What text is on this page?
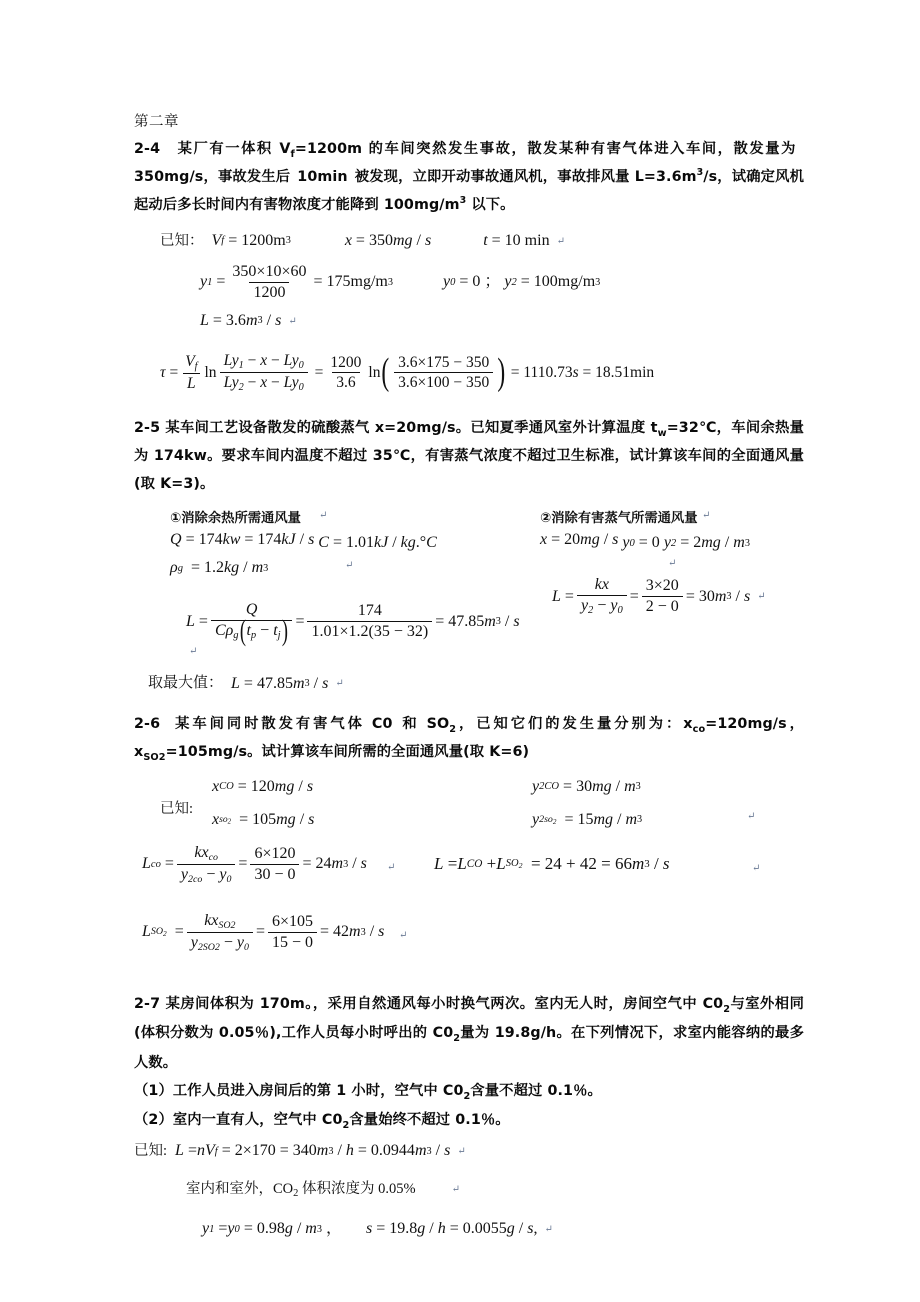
第二章
2-4 某厂有一体积 $V_f=1200m$ 的车间突然发生事故，散发某种有害气体进入车间，散发量为350mg/s，事故发生后 10min 被发现，立即开动事故通风机，事故排风量 $L=3.6m^3/s$，试确定风机起动后多长时间内有害物浓度才能降到 $100mg/m^3$ 以下。
已知： V f = 1200m 3
	x = 350 mg / s
	t = 10 min ↵
y $1 = \frac{350\times 10\times 60}{1200} = 175mg/m$ 3
	y 0 = 0 ； y 2 = 100mg/m 3
L = 3.6 m 3 / s ↵
$\tau = \frac{Vf}{L}$ $\ln \frac{Ly1 - x - Ly0}{Ly2 - x - Ly0} = \frac{1200}{3.6}$ ln ( $\frac{3.6\times 175 - 350}{3.6\times 100 - 350}$ ) = 1110.73 s = 18.51min
2-5 某车间工艺设备散发的硫酸蒸气 x=20mg/s。已知夏季通风室外计算温度 $t_w=32℃$，车间余热量为 174kw。要求车间内温度不超过 35℃，有害蒸气浓度不超过卫生标准，试计算该车间的全面通风量(取 K=3)。
①消除余热所需通风量 ↵	②消除有害蒸气所需通风量 ↵
Q = 174 kw = 174 kJ / s
C = 1.01 kJ / kg .° C

↵
ρ g = 1.2 kg / m 3
$L = \frac{Q}{\text{Cρg(tp − tj)}} = \frac{174}{1.01\times 1.2(35 - 32)} = 47.85$ m 3 / s
↵
x = 20 mg / s
y 0 = 0
↵
y 2 = 2 mg / m 3
$L = \frac{kx}{y2 - y0} = \frac{3\times 20}{2 - 0} = 30$ m 3 / s ↵
取最大值： L = 47.85 m 3 / s ↵
2-6 某车间同时散发有害气体 C0 和 $SO_2$，已知它们的发生量分别为：$x_{co}=120mg/s$，$x_{SO2}=105mg/s$。试计算该车间所需的全面通风量(取 K=6)
已知:
x CO = 120 mg / s
x so2 = 105 mg / s
y 2CO = 30 mg / m 3
y 2so2 = 15 mg / m 3	↵
L co = $\frac{\text{kxco}}{y2co - y0} = \frac{6\times 120}{30 - 0} = 24$ m 3 / s ↵ L = L CO + L SO2 = 24 + 42 = 66 m 3 / s	↵
L $SO2 = \frac{\text{kxSO2}}{y2SO2 - y0} = \frac{6\times 105}{15 - 0} = 42$ m 3 / s ↵
2-7 某房间体积为 170m。，采用自然通风每小时换气两次。室内无人时，房间空气中 $C0_2$与室外相同(体积分数为 0.05％),工作人员每小时呼出的 $C0_2$量为 19.8g/h。在下列情况下，求室内能容纳的最多人数。
（1）工作人员进入房间后的第 1 小时，空气中 $C0_2$含量不超过 0.1％。
（2）室内一直有人，空气中 $C0_2$含量始终不超过 0.1％。
已知: L = nV f = 2×170 = 340 m 3 / h = 0.0944 m 3 / s ↵
室内和室外，$CO_2$ 体积浓度为 0.05%	↵
y 1 = y 0 = 0.98 g / m 3 ， s = 19.8 g / h = 0.0055 g / s , ↵
